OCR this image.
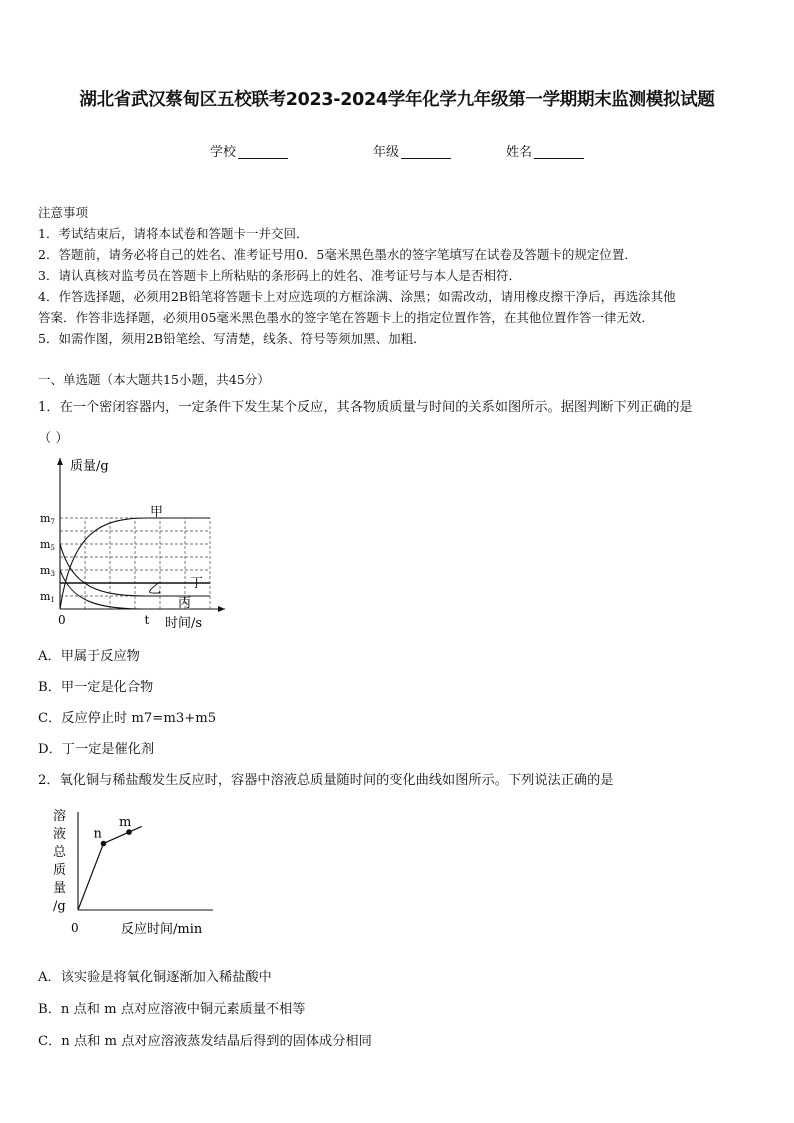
湖北省武汉蔡甸区五校联考2023-2024学年化学九年级第一学期期末监测模拟试题
学校	年级	姓名
注意事项
1．考试结束后，请将本试卷和答题卡一并交回．
2．答题前，请务必将自己的姓名、准考证号用0．5毫米黑色墨水的签字笔填写在试卷及答题卡的规定位置．
3．请认真核对监考员在答题卡上所粘贴的条形码上的姓名、准考证号与本人是否相符．
4．作答选择题，必须用2B铅笔将答题卡上对应选项的方框涂满、涂黑；如需改动，请用橡皮擦干净后，再选涂其他
答案．作答非选择题，必须用05毫米黑色墨水的签字笔在答题卡上的指定位置作答，在其他位置作答一律无效．
5．如需作图，须用2B铅笔绘、写清楚，线条、符号等须加黑、加粗．
一、单选题（本大题共15小题，共45分）
1．在一个密闭容器内，一定条件下发生某个反应，其各物质质量与时间的关系如图所示。据图判断下列正确的是
（ ）
甲
乙
丙
丁
m7
m5
m3
m1
质量/g
时间/s
0	t
A．甲属于反应物
B．甲一定是化合物
C．反应停止时 m7=m3+m5
D．丁一定是催化剂
2．氧化铜与稀盐酸发生反应时，容器中溶液总质量随时间的变化曲线如图所示。下列说法正确的是
n
m
溶
液
总
质
量
/g
0	反应时间/min
A．该实验是将氧化铜逐渐加入稀盐酸中
B．n 点和 m 点对应溶液中铜元素质量不相等
C．n 点和 m 点对应溶液蒸发结晶后得到的固体成分相同
